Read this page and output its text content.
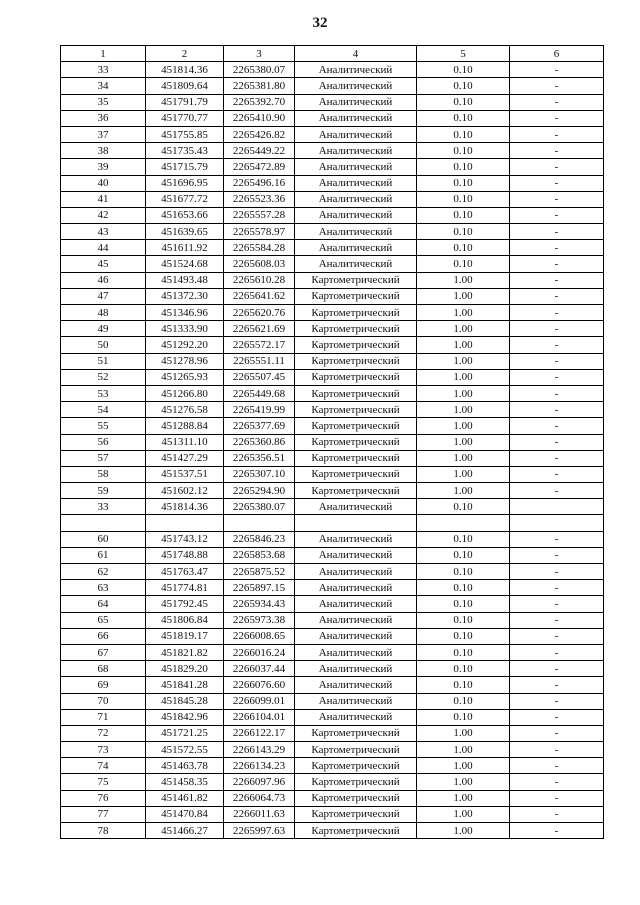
32
1	2	3	4	5	6
33	451814.36	2265380.07	Аналитический	0.10	-
34	451809.64	2265381.80	Аналитический	0.10	-
35	451791.79	2265392.70	Аналитический	0.10	-
36	451770.77	2265410.90	Аналитический	0.10	-
37	451755.85	2265426.82	Аналитический	0.10	-
38	451735.43	2265449.22	Аналитический	0.10	-
39	451715.79	2265472.89	Аналитический	0.10	-
40	451696.95	2265496.16	Аналитический	0.10	-
41	451677.72	2265523.36	Аналитический	0.10	-
42	451653.66	2265557.28	Аналитический	0.10	-
43	451639.65	2265578.97	Аналитический	0.10	-
44	451611.92	2265584.28	Аналитический	0.10	-
45	451524.68	2265608.03	Аналитический	0.10	-
46	451493.48	2265610.28	Картометрический	1.00	-
47	451372.30	2265641.62	Картометрический	1.00	-
48	451346.96	2265620.76	Картометрический	1.00	-
49	451333.90	2265621.69	Картометрический	1.00	-
50	451292.20	2265572.17	Картометрический	1.00	-
51	451278.96	2265551.11	Картометрический	1.00	-
52	451265.93	2265507.45	Картометрический	1.00	-
53	451266.80	2265449.68	Картометрический	1.00	-
54	451276.58	2265419.99	Картометрический	1.00	-
55	451288.84	2265377.69	Картометрический	1.00	-
56	451311.10	2265360.86	Картометрический	1.00	-
57	451427.29	2265356.51	Картометрический	1.00	-
58	451537.51	2265307.10	Картометрический	1.00	-
59	451602.12	2265294.90	Картометрический	1.00	-
33	451814.36	2265380.07	Аналитический	0.10	

60	451743.12	2265846.23	Аналитический	0.10	-
61	451748.88	2265853.68	Аналитический	0.10	-
62	451763.47	2265875.52	Аналитический	0.10	-
63	451774.81	2265897.15	Аналитический	0.10	-
64	451792.45	2265934.43	Аналитический	0.10	-
65	451806.84	2265973.38	Аналитический	0.10	-
66	451819.17	2266008.65	Аналитический	0.10	-
67	451821.82	2266016.24	Аналитический	0.10	-
68	451829.20	2266037.44	Аналитический	0.10	-
69	451841.28	2266076.60	Аналитический	0.10	-
70	451845.28	2266099.01	Аналитический	0.10	-
71	451842.96	2266104.01	Аналитический	0.10	-
72	451721.25	2266122.17	Картометрический	1.00	-
73	451572.55	2266143.29	Картометрический	1.00	-
74	451463.78	2266134.23	Картометрический	1.00	-
75	451458.35	2266097.96	Картометрический	1.00	-
76	451461.82	2266064.73	Картометрический	1.00	-
77	451470.84	2266011.63	Картометрический	1.00	-
78	451466.27	2265997.63	Картометрический	1.00	-
